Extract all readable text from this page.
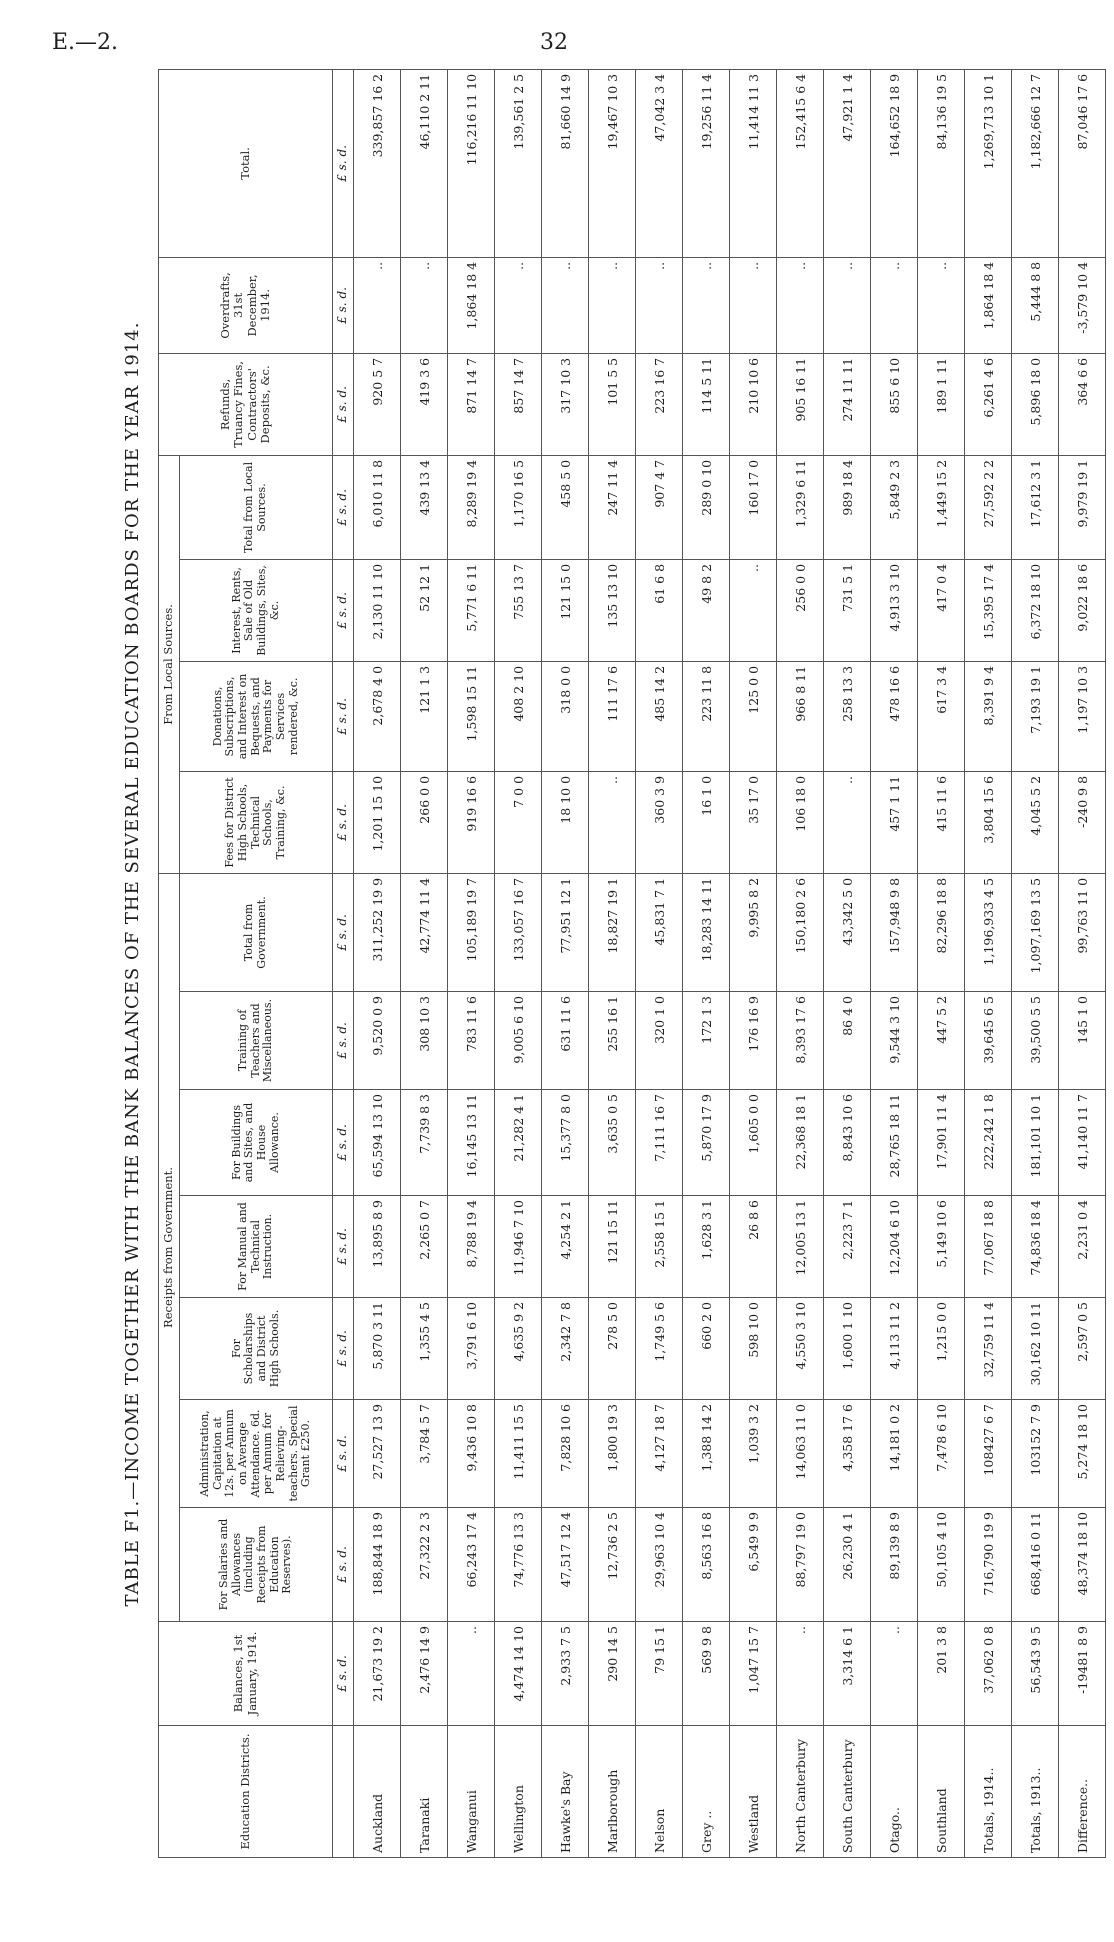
E.—2.	32
TABLE F1.—INCOME TOGETHER WITH THE BANK BALANCES OF THE SEVERAL EDUCATION BOARDS FOR THE YEAR 1914.
Education Districts.	Balances, 1st January, 1914.	Receipts from Government.							From Local Sources.				Refunds, Truancy Fines, Contractors' Deposits, &c.	Overdrafts, 31st December, 1914.	Total.
		For Salaries and Allowances (including Receipts from Education Reserves).	Administration, Capitation at 12s. per Annum on Average Attendance. 6d. per Annum for Relieving-teachers. Special Grant £250.	For Scholarships and District High Schools.	For Manual and Technical Instruction.	For Buildings and Sites, and House Allowance.	Training of Teachers and Miscellaneous.	Total from Government.	Fees for District High Schools, Technical Schools, Training, &c.	Donations, Subscriptions, and Interest on Bequests, and Payments for Services rendered, &c.	Interest, Rents, Sale of Old Buildings, Sites, &c.	Total from Local Sources.			

	£ s. d.	£ s. d.	£ s. d.	£ s. d.	£ s. d.	£ s. d.	£ s. d.	£ s. d.	£ s. d.	£ s. d.	£ s. d.	£ s. d.	£ s. d.	£ s. d.	£ s. d.
Auckland	21,673 19 2	188,844 18 9	27,527 13 9	5,870 3 11	13,895 8 9	65,594 13 10	9,520 0 9	311,252 19 9	1,201 15 10	2,678 4 0	2,130 11 10	6,010 11 8	920 5 7	..	339,857 16 2
Taranaki	2,476 14 9	27,322 2 3	3,784 5 7	1,355 4 5	2,265 0 7	7,739 8 3	308 10 3	42,774 11 4	266 0 0	121 1 3	52 12 1	439 13 4	419 3 6	..	46,110 2 11
Wanganui	..	66,243 17 4	9,436 10 8	3,791 6 10	8,788 19 4	16,145 13 11	783 11 6	105,189 19 7	919 16 6	1,598 15 11	5,771 6 11	8,289 19 4	871 14 7	1,864 18 4	116,216 11 10
Wellington	4,474 14 10	74,776 13 3	11,411 15 5	4,635 9 2	11,946 7 10	21,282 4 1	9,005 6 10	133,057 16 7	7 0 0	408 2 10	755 13 7	1,170 16 5	857 14 7	..	139,561 2 5
Hawke's Bay	2,933 7 5	47,517 12 4	7,828 10 6	2,342 7 8	4,254 2 1	15,377 8 0	631 11 6	77,951 12 1	18 10 0	318 0 0	121 15 0	458 5 0	317 10 3	..	81,660 14 9
Marlborough	290 14 5	12,736 2 5	1,800 19 3	278 5 0	121 15 11	3,635 0 5	255 16 1	18,827 19 1	..	111 17 6	135 13 10	247 11 4	101 5 5	..	19,467 10 3
Nelson	79 15 1	29,963 10 4	4,127 18 7	1,749 5 6	2,558 15 1	7,111 16 7	320 1 0	45,831 7 1	360 3 9	485 14 2	61 6 8	907 4 7	223 16 7	..	47,042 3 4
Grey ..	569 9 8	8,563 16 8	1,388 14 2	660 2 0	1,628 3 1	5,870 17 9	172 1 3	18,283 14 11	16 1 0	223 11 8	49 8 2	289 0 10	114 5 11	..	19,256 11 4
Westland	1,047 15 7	6,549 9 9	1,039 3 2	598 10 0	26 8 6	1,605 0 0	176 16 9	9,995 8 2	35 17 0	125 0 0	..	160 17 0	210 10 6	..	11,414 11 3
North Canterbury	..	88,797 19 0	14,063 11 0	4,550 3 10	12,005 13 1	22,368 18 1	8,393 17 6	150,180 2 6	106 18 0	966 8 11	256 0 0	1,329 6 11	905 16 11	..	152,415 6 4
South Canterbury	3,314 6 1	26,230 4 1	4,358 17 6	1,600 1 10	2,223 7 1	8,843 10 6	86 4 0	43,342 5 0	..	258 13 3	731 5 1	989 18 4	274 11 11	..	47,921 1 4
Otago..	..	89,139 8 9	14,181 0 2	4,113 11 2	12,204 6 10	28,765 18 11	9,544 3 10	157,948 9 8	457 1 11	478 16 6	4,913 3 10	5,849 2 3	855 6 10	..	164,652 18 9
Southland	201 3 8	50,105 4 10	7,478 6 10	1,215 0 0	5,149 10 6	17,901 11 4	447 5 2	82,296 18 8	415 11 6	617 3 4	417 0 4	1,449 15 2	189 1 11	..	84,136 19 5
Totals, 1914..	37,062 0 8	716,790 19 9	108427 6 7	32,759 11 4	77,067 18 8	222,242 1 8	39,645 6 5	1,196,933 4 5	3,804 15 6	8,391 9 4	15,395 17 4	27,592 2 2	6,261 4 6	1,864 18 4	1,269,713 10 1
Totals, 1913..	56,543 9 5	668,416 0 11	103152 7 9	30,162 10 11	74,836 18 4	181,101 10 1	39,500 5 5	1,097,169 13 5	4,045 5 2	7,193 19 1	6,372 18 10	17,612 3 1	5,896 18 0	5,444 8 8	1,182,666 12 7
Difference..	-19481 8 9	48,374 18 10	5,274 18 10	2,597 0 5	2,231 0 4	41,140 11 7	145 1 0	99,763 11 0	-240 9 8	1,197 10 3	9,022 18 6	9,979 19 1	364 6 6	-3,579 10 4	87,046 17 6
